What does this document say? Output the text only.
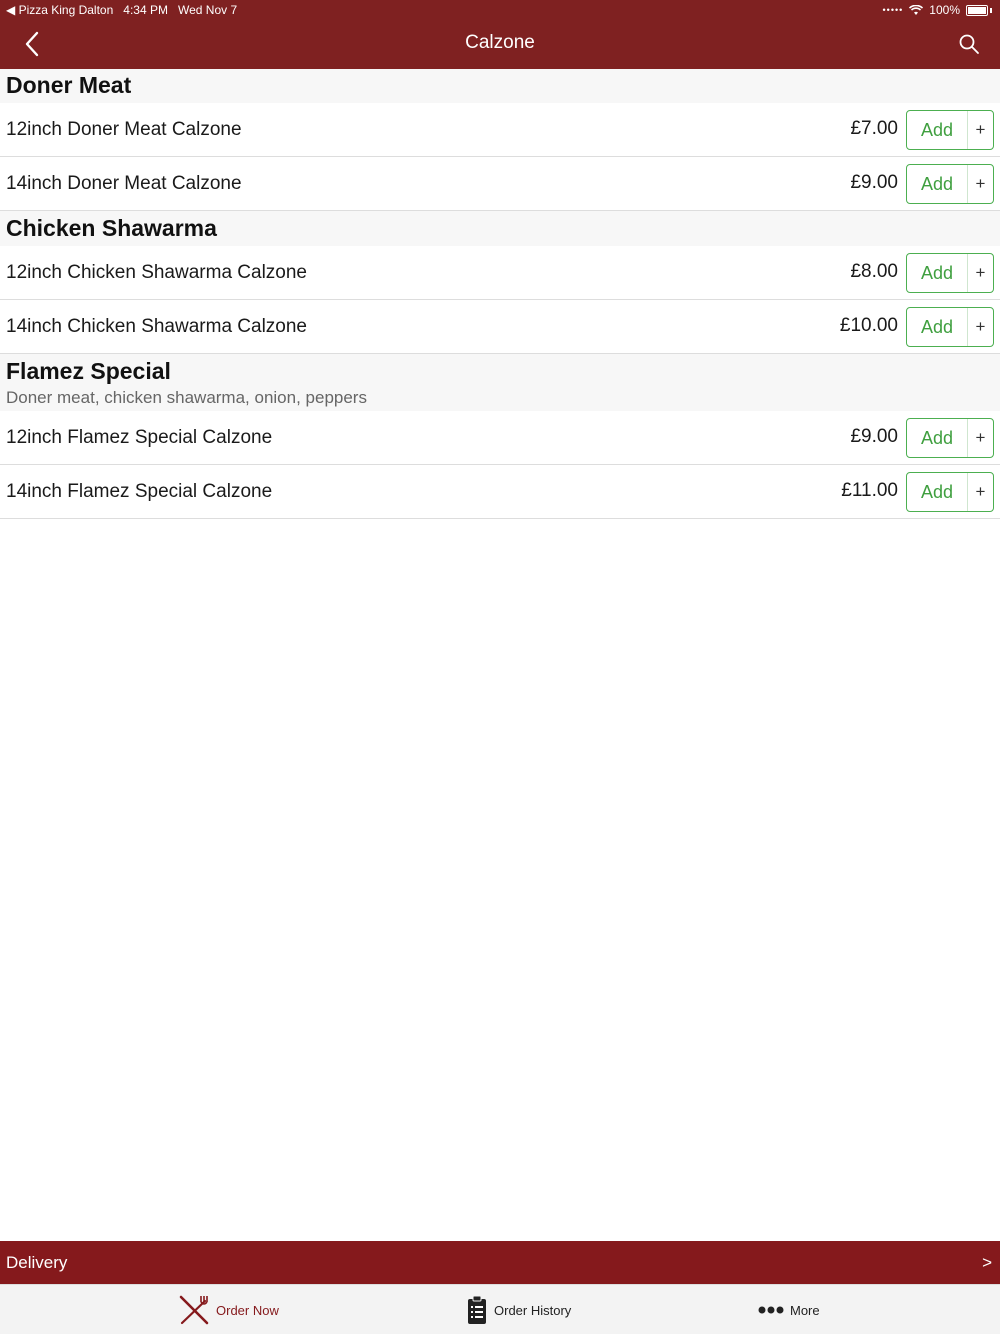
◀ Pizza King Dalton 4:34 PM Wed Nov 7	••••• 100%
Calzone
Doner Meat
12inch Doner Meat Calzone	£7.00	Add	+
14inch Doner Meat Calzone	£9.00	Add	+
Chicken Shawarma
12inch Chicken Shawarma Calzone	£8.00	Add	+
14inch Chicken Shawarma Calzone	£10.00	Add	+
Flamez Special
Doner meat, chicken shawarma, onion, peppers
12inch Flamez Special Calzone	£9.00	Add	+
14inch Flamez Special Calzone	£11.00	Add	+
Delivery	>
Order Now	Order History	More
